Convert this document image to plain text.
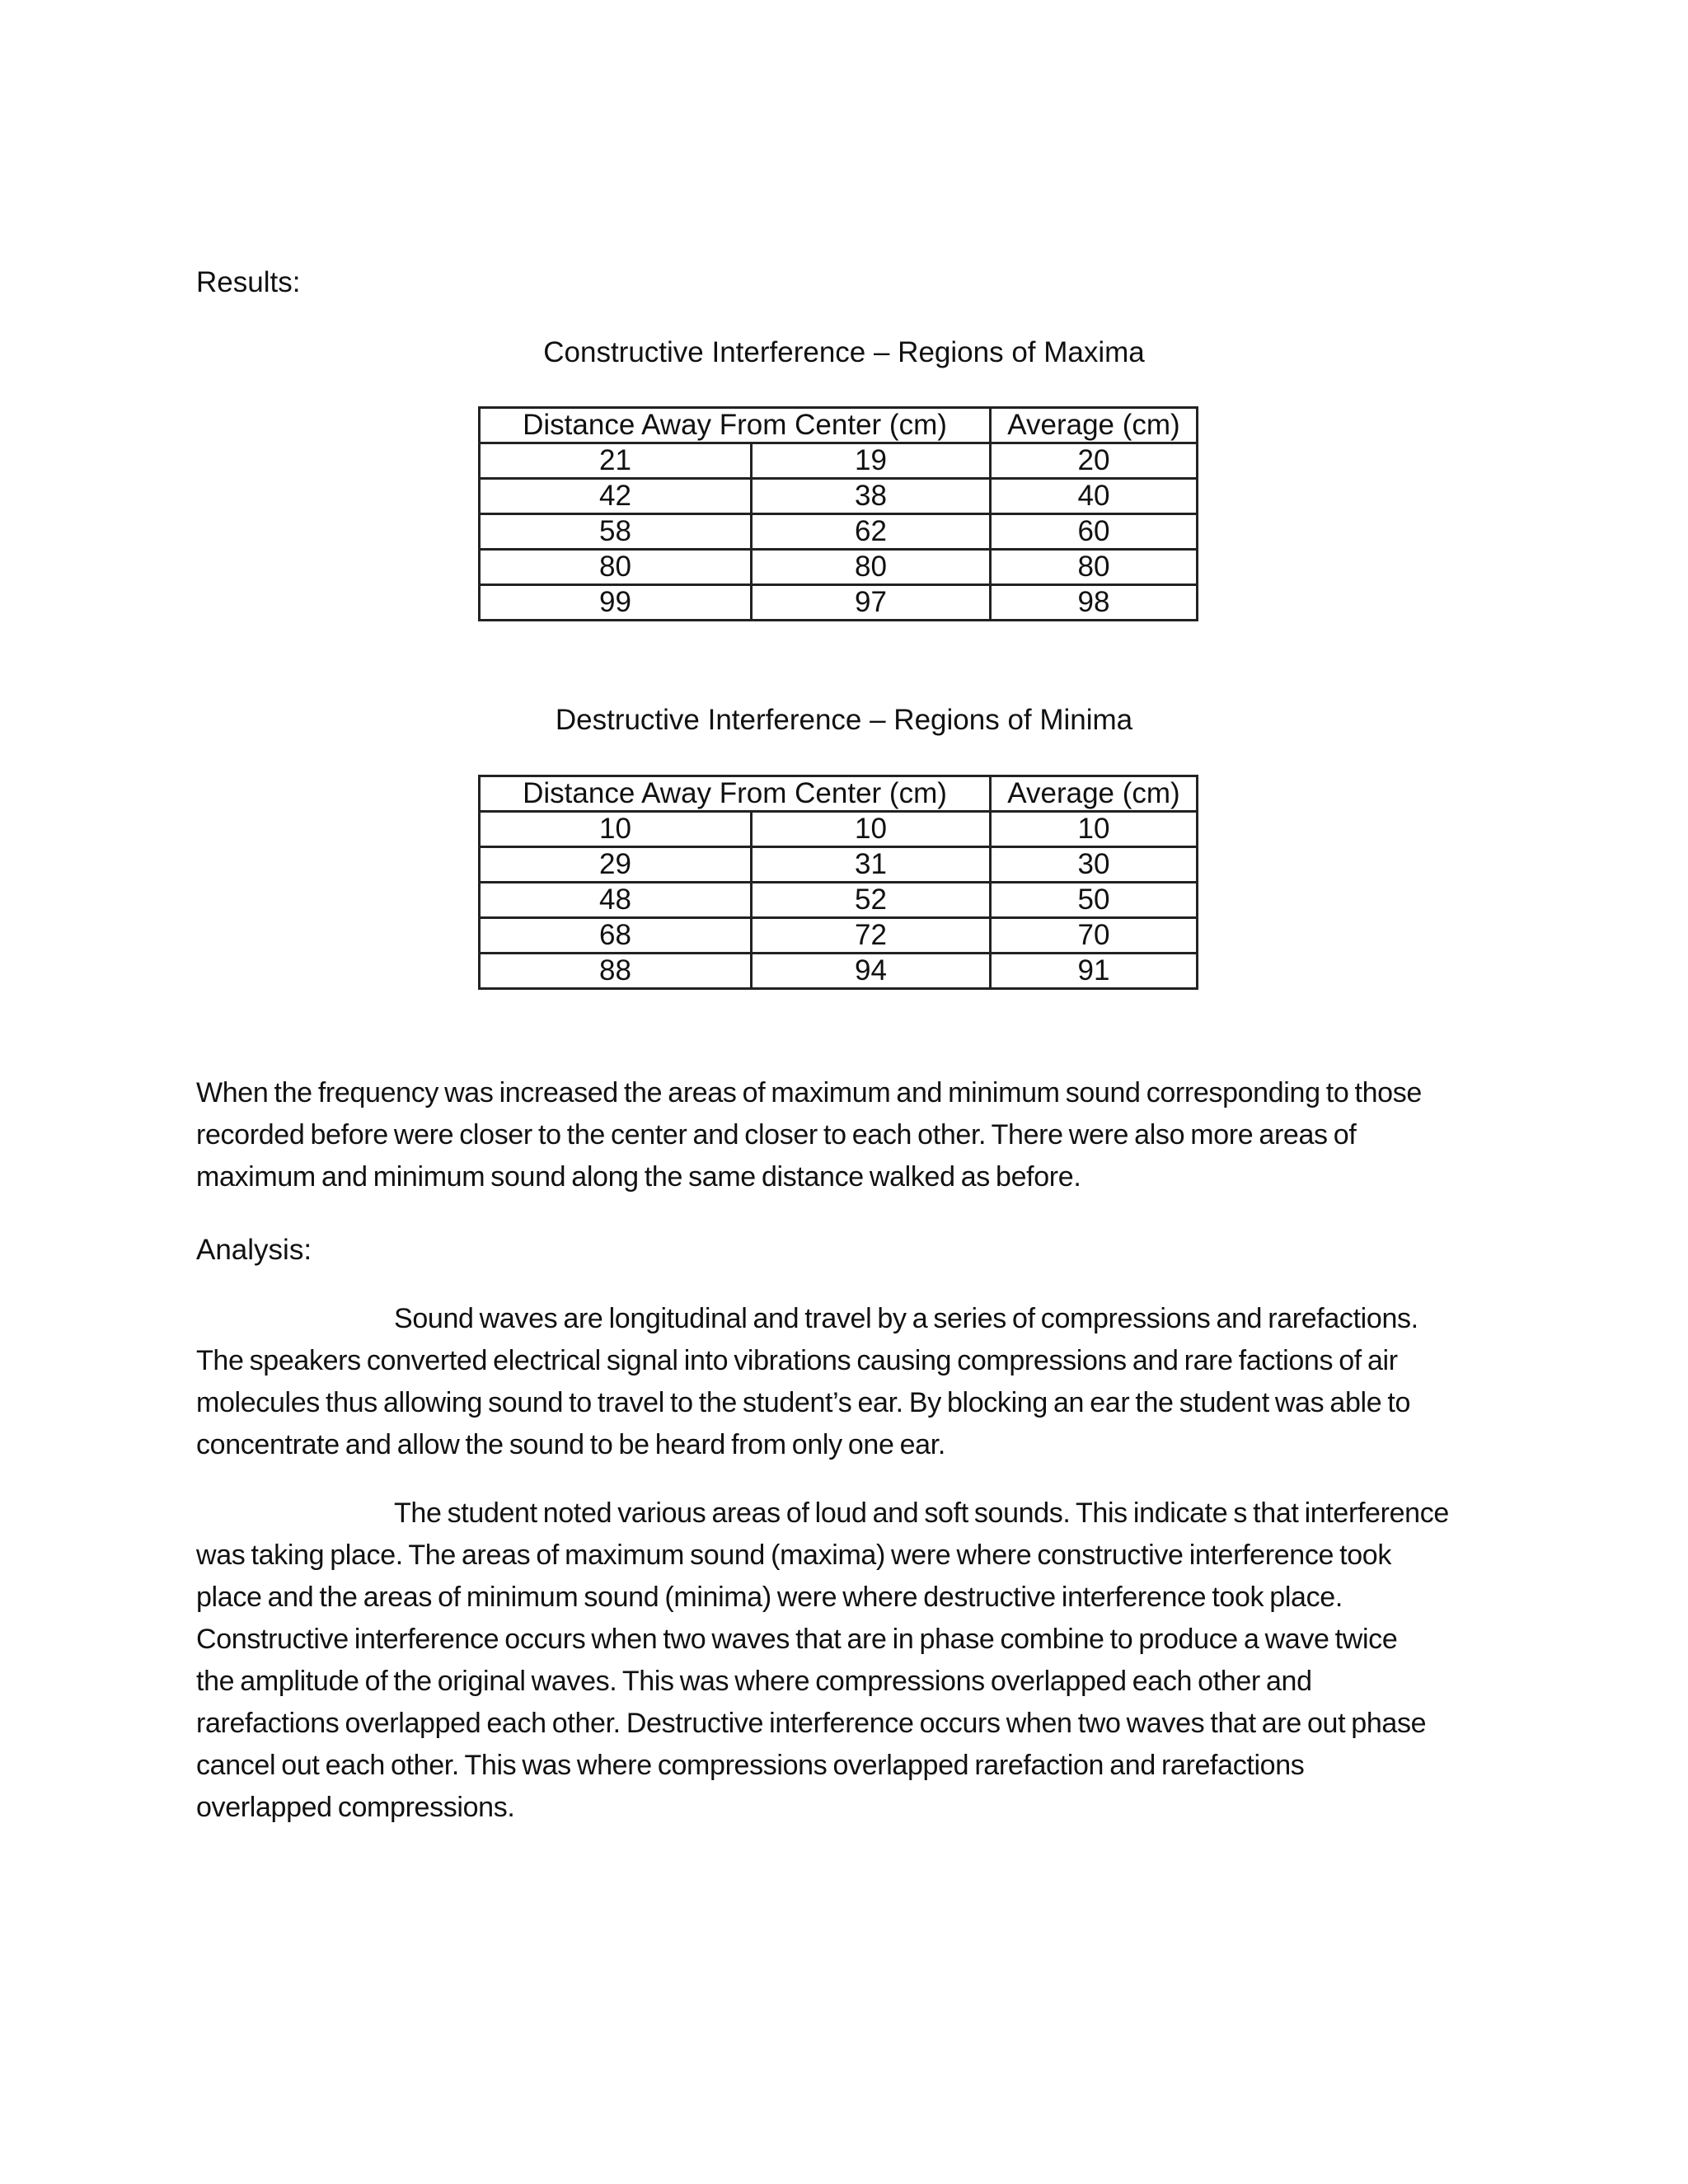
Results:
Constructive Interference – Regions of Maxima
Distance Away From Center (cm)		Average (cm)
21	19	20
42	38	40
58	62	60
80	80	80
99	97	98
Destructive Interference – Regions of Minima
Distance Away From Center (cm)		Average (cm)
10	10	10
29	31	30
48	52	50
68	72	70
88	94	91
When the frequency was increased the areas of maximum and minimum sound corresponding to those
recorded before were closer to the center and closer to each other. There were also more areas of
maximum and minimum sound along the same distance walked as before.
Analysis:
Sound waves are longitudinal and travel by a series of compressions and rarefactions.
The speakers converted electrical signal into vibrations causing compressions and rare factions of air
molecules thus allowing sound to travel to the student’s ear. By blocking an ear the student was able to
concentrate and allow the sound to be heard from only one ear.
The student noted various areas of loud and soft sounds. This indicate s that interference
was taking place. The areas of maximum sound (maxima) were where constructive interference took
place and the areas of minimum sound (minima) were where destructive interference took place.
Constructive interference occurs when two waves that are in phase combine to produce a wave twice
the amplitude of the original waves. This was where compressions overlapped each other and
rarefactions overlapped each other. Destructive interference occurs when two waves that are out phase
cancel out each other. This was where compressions overlapped rarefaction and rarefactions
overlapped compressions.
